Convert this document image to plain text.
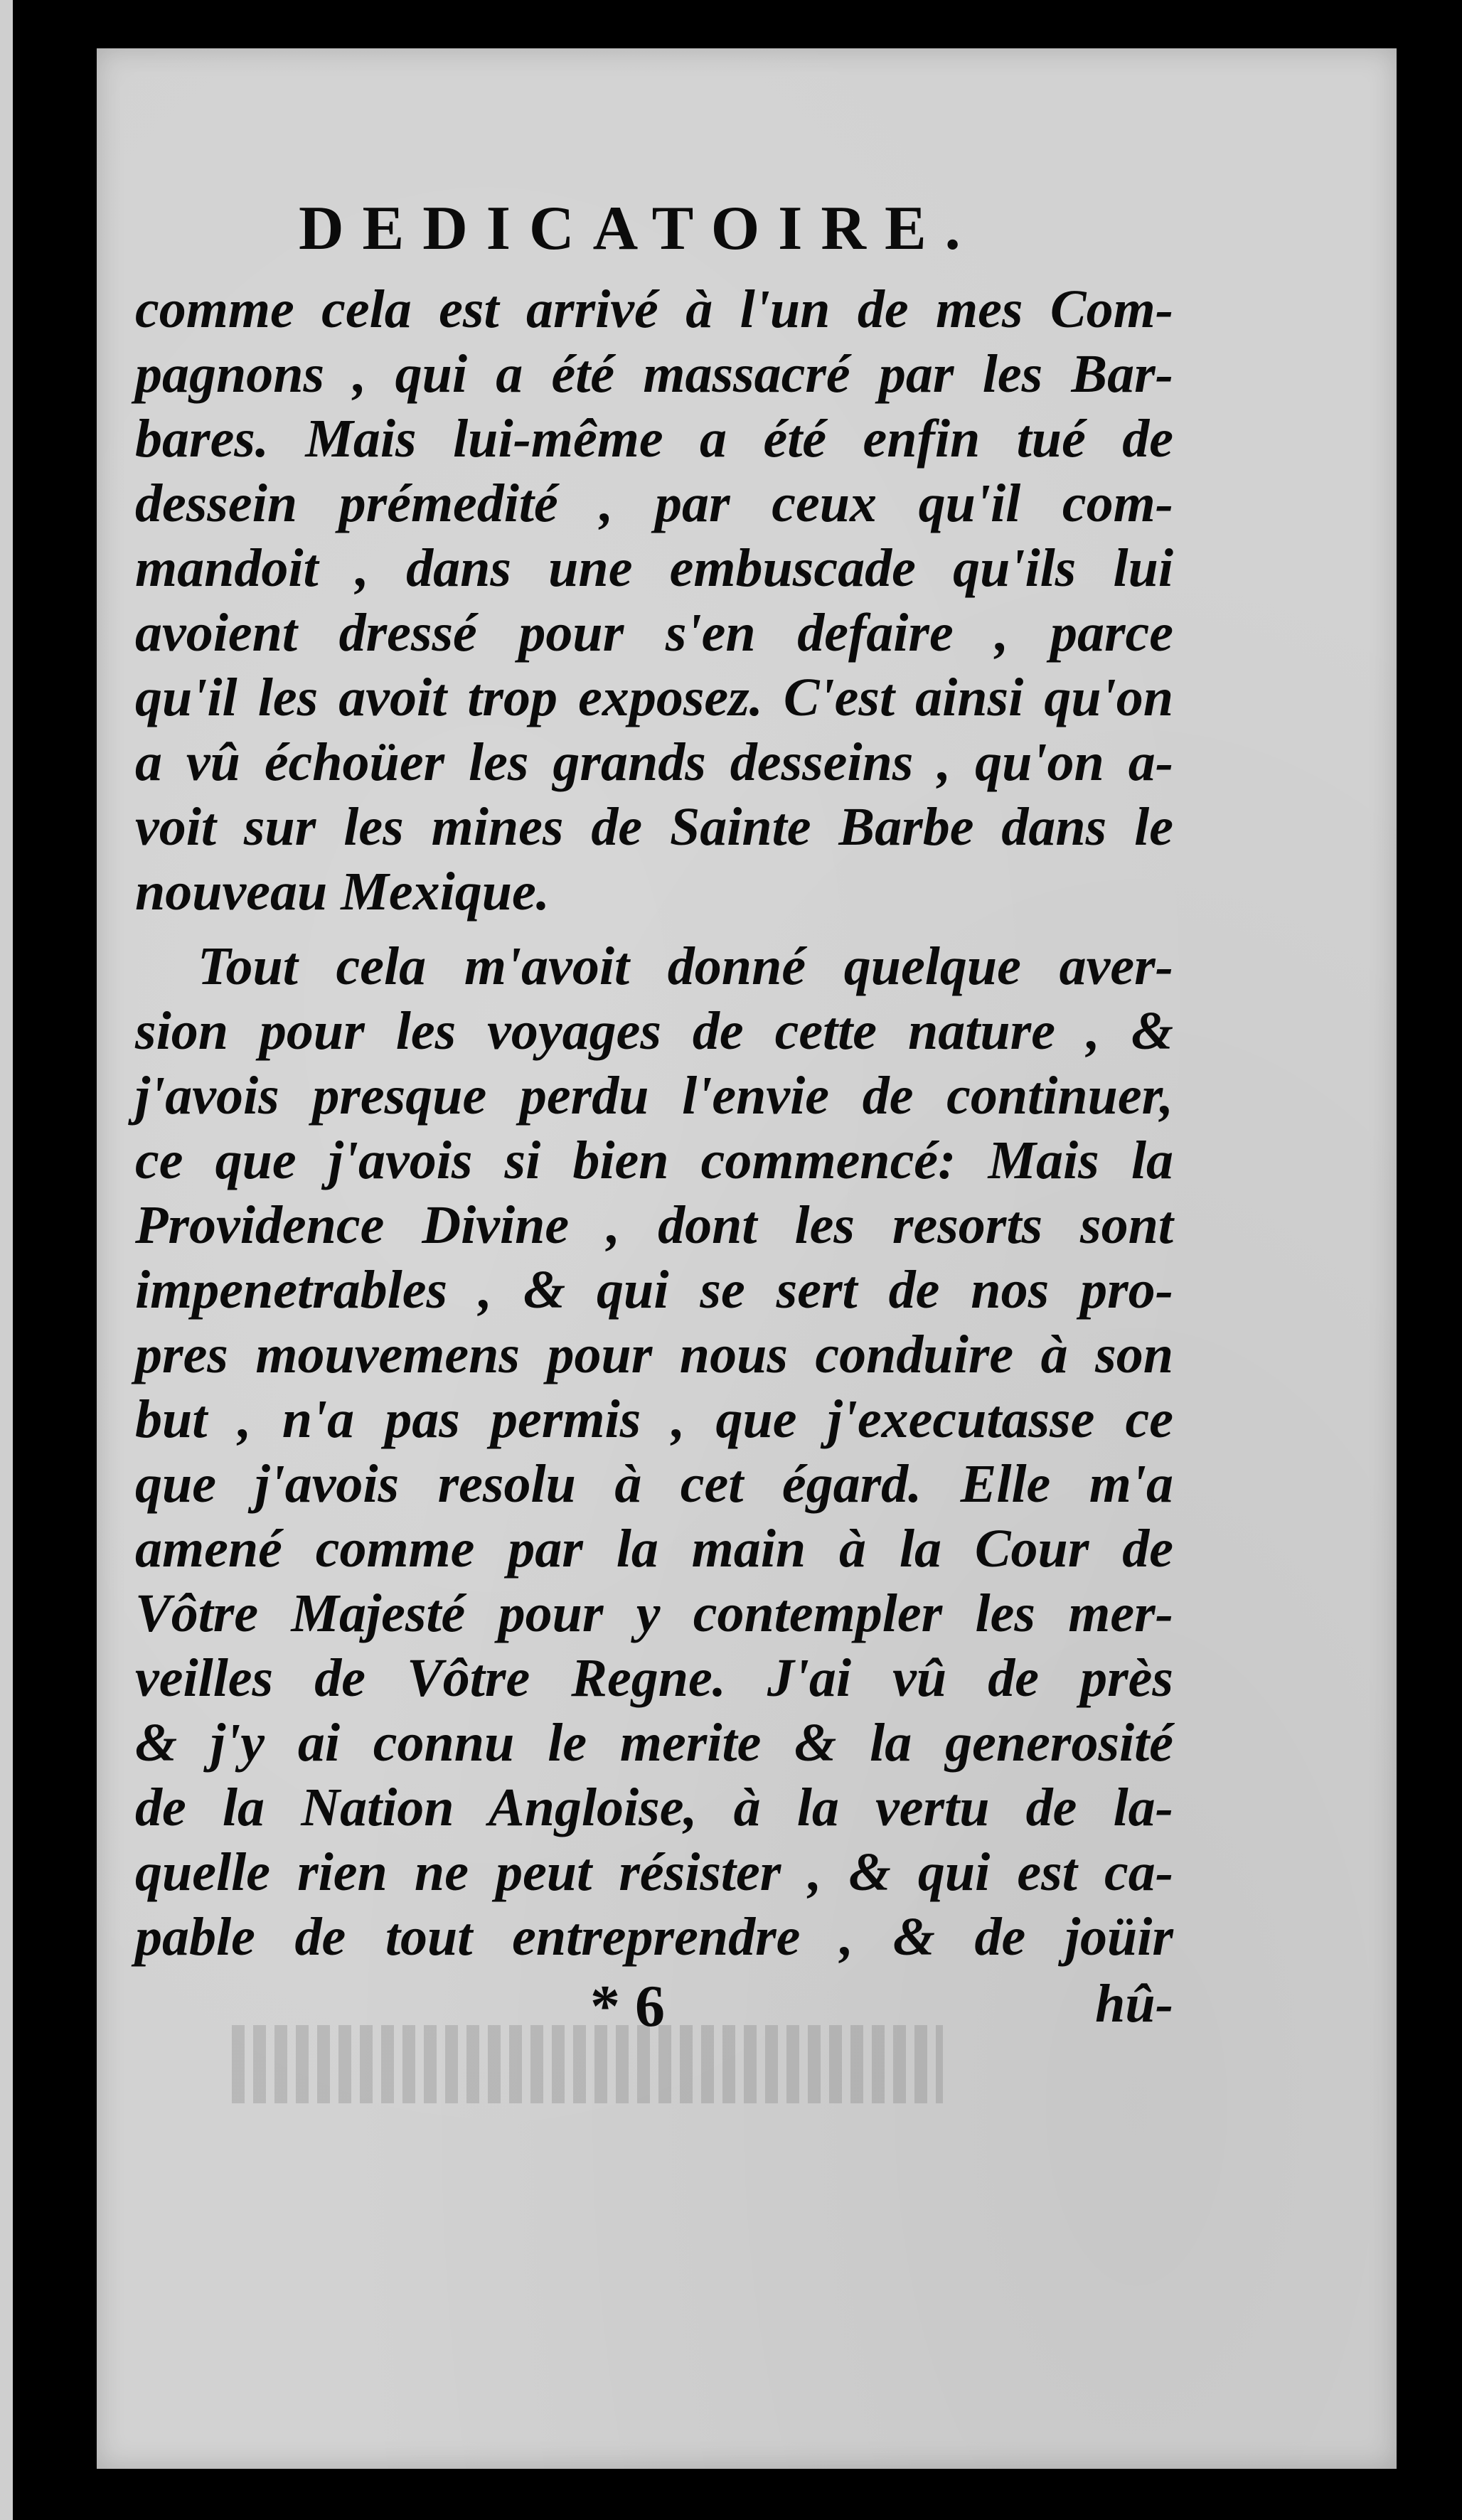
DEDICATOIRE.
comme cela est arrivé à l'un de mes Com-
pagnons , qui a été massacré par les Bar-
bares. Mais lui-même a été enfin tué de
dessein prémedité , par ceux qu'il com-
mandoit , dans une embuscade qu'ils lui
avoient dressé pour s'en defaire , parce
qu'il les avoit trop exposez. C'est ainsi qu'on
a vû échoüer les grands desseins , qu'on a-
voit sur les mines de Sainte Barbe dans le
nouveau Mexique.
Tout cela m'avoit donné quelque aver-
sion pour les voyages de cette nature , &
j'avois presque perdu l'envie de continuer,
ce que j'avois si bien commencé: Mais la
Providence Divine , dont les resorts sont
impenetrables , & qui se sert de nos pro-
pres mouvemens pour nous conduire à son
but , n'a pas permis , que j'executasse ce
que j'avois resolu à cet égard. Elle m'a
amené comme par la main à la Cour de
Vôtre Majesté pour y contempler les mer-
veilles de Vôtre Regne. J'ai vû de près
& j'y ai connu le merite & la generosité
de la Nation Angloise, à la vertu de la-
quelle rien ne peut résister , & qui est ca-
pable de tout entreprendre , & de joüir
* 6	hû-
